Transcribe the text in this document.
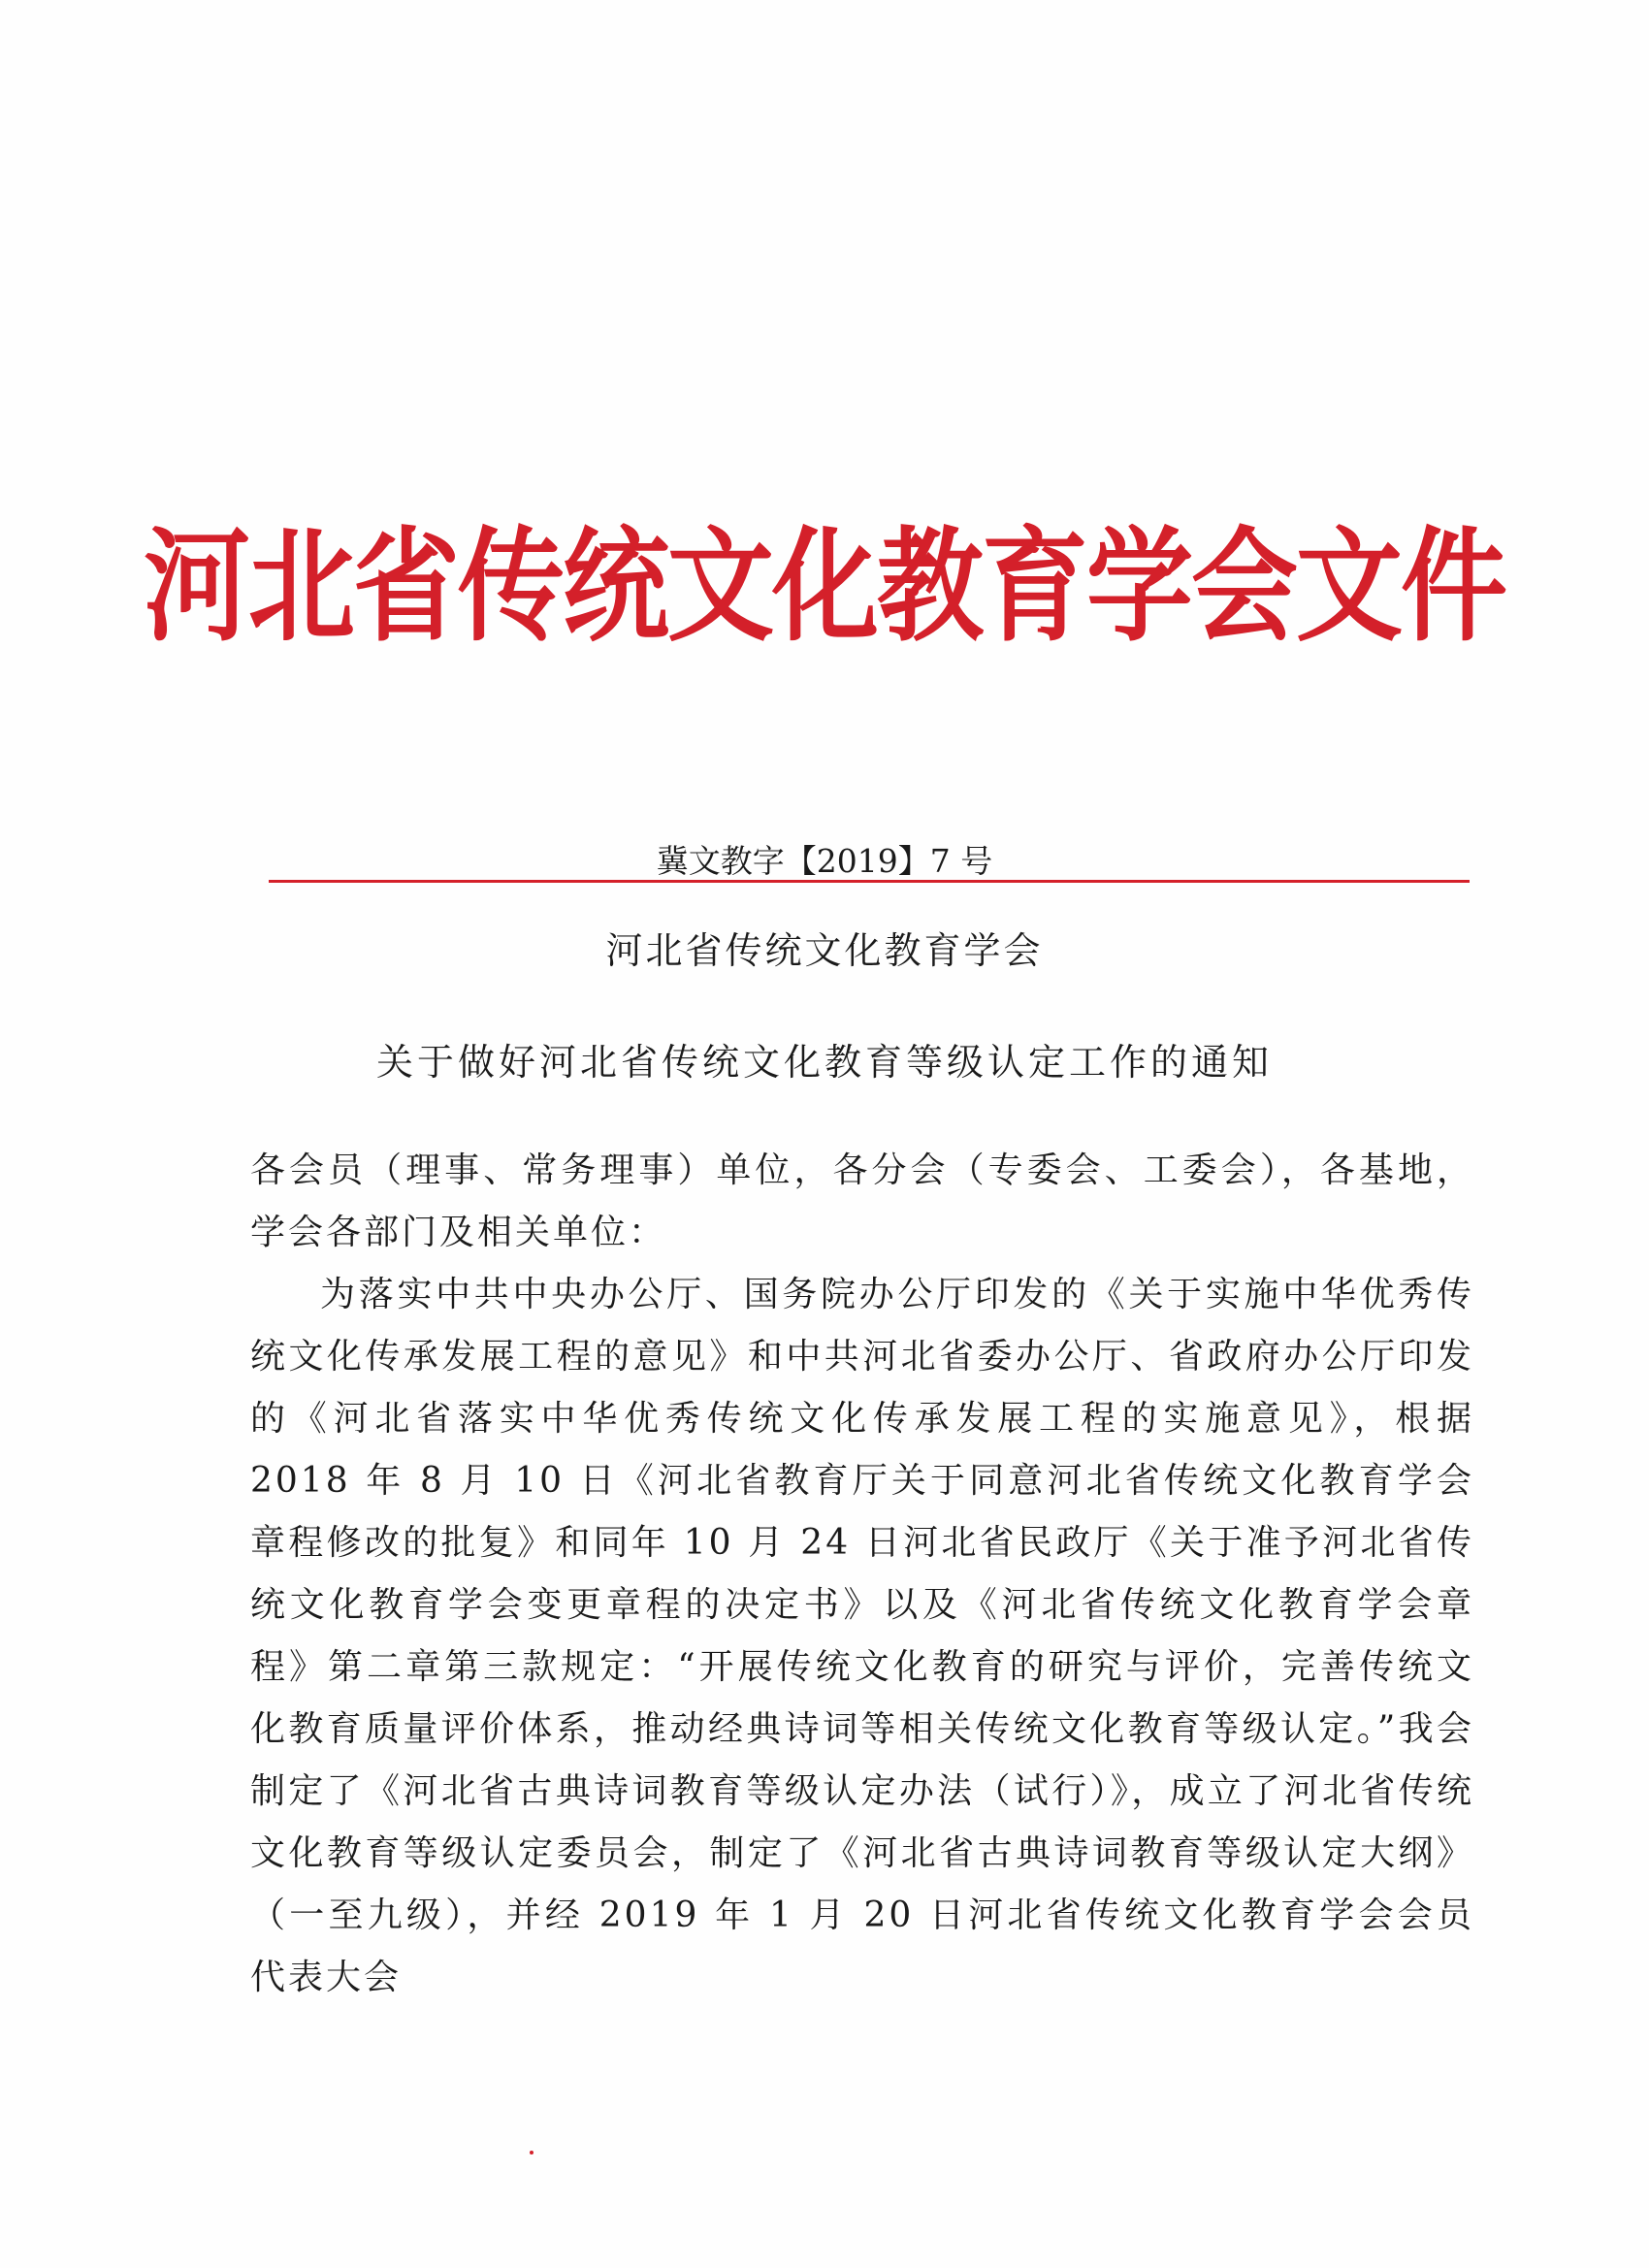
河北省传统文化教育学会文件
冀文教字【2019】7 号
河北省传统文化教育学会
关于做好河北省传统文化教育等级认定工作的通知

各会员（理事、常务理事）单位，各分会（专委会、工委会），各基地，学会各部门及相关单位：

为落实中共中央办公厅、国务院办公厅印发的《关于实施中华优秀传统文化传承发展工程的意见》和中共河北省委办公厅、省政府办公厅印发的《河北省落实中华优秀传统文化传承发展工程的实施意见》，根据 2018 年 8 月 10 日《河北省教育厅关于同意河北省传统文化教育学会章程修改的批复》和同年 10 月 24 日河北省民政厅《关于准予河北省传统文化教育学会变更章程的决定书》以及《河北省传统文化教育学会章程》第二章第三款规定：“开展传统文化教育的研究与评价，完善传统文化教育质量评价体系，推动经典诗词等相关传统文化教育等级认定。”我会制定了《河北省古典诗词教育等级认定办法（试行）》，成立了河北省传统文化教育等级认定委员会，制定了《河北省古典诗词教育等级认定大纲》（一至九级），并经 2019 年 1 月 20 日河北省传统文化教育学会会员代表大会
